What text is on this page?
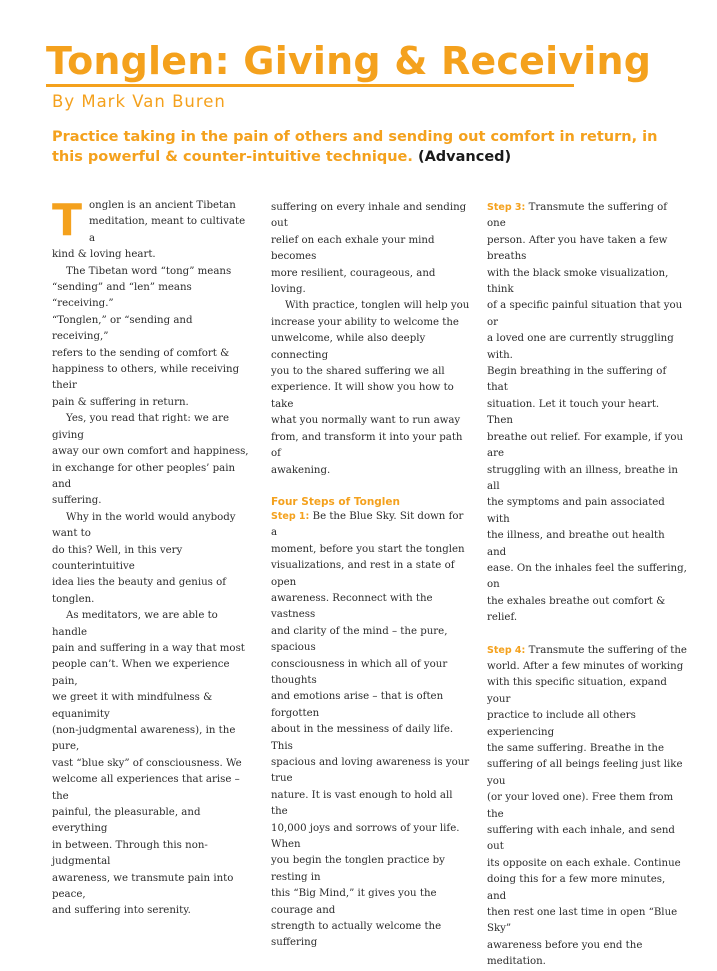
Tonglen: Giving & Receiving
By Mark Van Buren
Practice taking in the pain of others and sending out comfort in return, in this powerful & counter-intuitive technique. (Advanced)
T onglen is an ancient Tibetan
meditation, meant to cultivate a
kind & loving heart.

The Tibetan word “tong” means
“sending” and “len” means “receiving.”
“Tonglen,” or “sending and receiving,”
refers to the sending of comfort &
happiness to others, while receiving their
pain & suffering in return.

Yes, you read that right: we are giving
away our own comfort and happiness,
in exchange for other peoples’ pain and
suffering.

Why in the world would anybody want to
do this? Well, in this very counterintuitive
idea lies the beauty and genius of tonglen.

As meditators, we are able to handle
pain and suffering in a way that most
people can’t. When we experience pain,
we greet it with mindfulness & equanimity
(non-judgmental awareness), in the pure,
vast “blue sky” of consciousness. We
welcome all experiences that arise – the
painful, the pleasurable, and everything
in between. Through this non-judgmental
awareness, we transmute pain into peace,
and suffering into serenity.

suffering on every inhale and sending out
relief on each exhale your mind becomes
more resilient, courageous, and loving.

With practice, tonglen will help you
increase your ability to welcome the
unwelcome, while also deeply connecting
you to the shared suffering we all
experience. It will show you how to take
what you normally want to run away
from, and transform it into your path of
awakening.

Four Steps of Tonglen

Step 1: Be the Blue Sky. Sit down for a
moment, before you start the tonglen
visualizations, and rest in a state of open
awareness. Reconnect with the vastness
and clarity of the mind – the pure, spacious
consciousness in which all of your thoughts
and emotions arise – that is often forgotten
about in the messiness of daily life. This
spacious and loving awareness is your true
nature. It is vast enough to hold all the
10,000 joys and sorrows of your life. When
you begin the tonglen practice by resting in
this “Big Mind,” it gives you the courage and
strength to actually welcome the suffering

Step 3: Transmute the suffering of one
person. After you have taken a few breaths
with the black smoke visualization, think
of a specific painful situation that you or
a loved one are currently struggling with.
Begin breathing in the suffering of that
situation. Let it touch your heart. Then
breathe out relief. For example, if you are
struggling with an illness, breathe in all
the symptoms and pain associated with
the illness, and breathe out health and
ease. On the inhales feel the suffering, on
the exhales breathe out comfort & relief.

Step 4: Transmute the suffering of the
world. After a few minutes of working
with this specific situation, expand your
practice to include all others experiencing
the same suffering. Breathe in the
suffering of all beings feeling just like you
(or your loved one). Free them from the
suffering with each inhale, and send out
its opposite on each exhale. Continue
doing this for a few more minutes, and
then rest one last time in open “Blue Sky”
awareness before you end the meditation.
